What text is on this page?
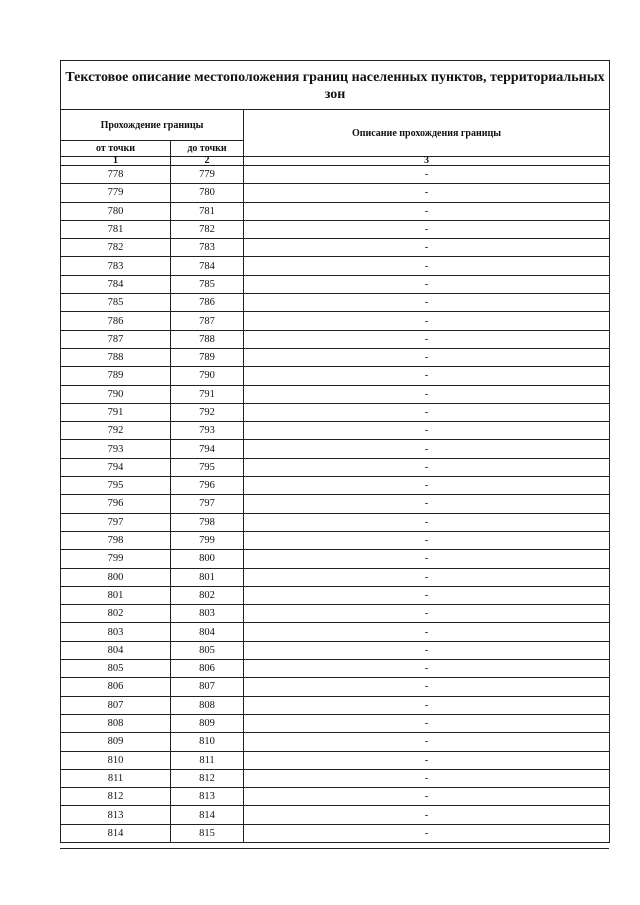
Текстовое описание местоположения границ населенных пунктов, территориальных зон		
Прохождение границы		Описание прохождения границы
от точки	до точки	
1	2	3
778	779	-
779	780	-
780	781	-
781	782	-
782	783	-
783	784	-
784	785	-
785	786	-
786	787	-
787	788	-
788	789	-
789	790	-
790	791	-
791	792	-
792	793	-
793	794	-
794	795	-
795	796	-
796	797	-
797	798	-
798	799	-
799	800	-
800	801	-
801	802	-
802	803	-
803	804	-
804	805	-
805	806	-
806	807	-
807	808	-
808	809	-
809	810	-
810	811	-
811	812	-
812	813	-
813	814	-
814	815	-
